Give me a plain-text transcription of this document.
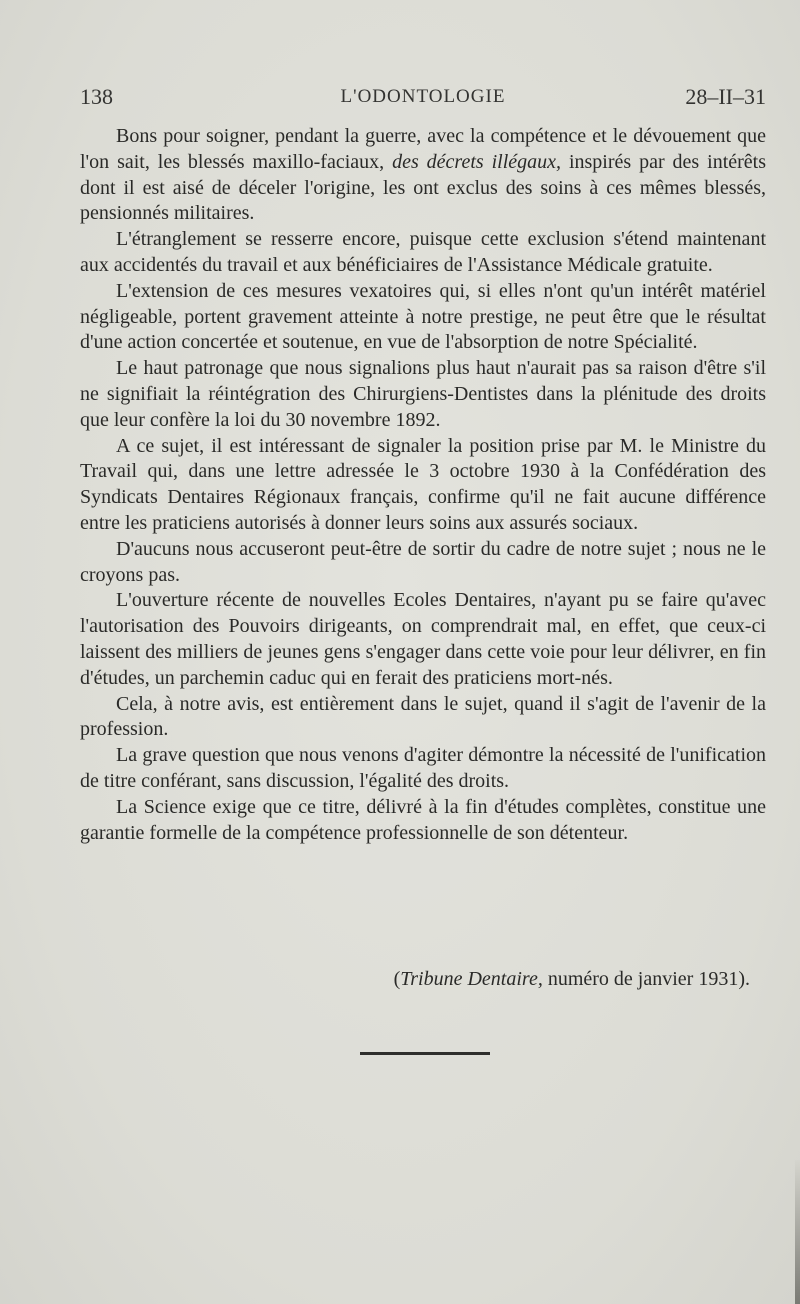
138	L'ODONTOLOGIE	28–II–31

Bons pour soigner, pendant la guerre, avec la compétence et le dévouement que l'on sait, les blessés maxillo-faciaux, des décrets illégaux, inspirés par des intérêts dont il est aisé de déceler l'origine, les ont exclus des soins à ces mêmes blessés, pensionnés militaires.

L'étranglement se resserre encore, puisque cette exclusion s'étend maintenant aux accidentés du travail et aux bénéficiaires de l'Assistance Médicale gratuite.

L'extension de ces mesures vexatoires qui, si elles n'ont qu'un intérêt matériel négligeable, portent gravement atteinte à notre prestige, ne peut être que le résultat d'une action concertée et soutenue, en vue de l'absorption de notre Spécialité.

Le haut patronage que nous signalions plus haut n'aurait pas sa raison d'être s'il ne signifiait la réintégration des Chirurgiens-Dentistes dans la plénitude des droits que leur confère la loi du 30 novembre 1892.

A ce sujet, il est intéressant de signaler la position prise par M. le Ministre du Travail qui, dans une lettre adressée le 3 octobre 1930 à la Confédération des Syndicats Dentaires Régionaux français, confirme qu'il ne fait aucune différence entre les praticiens autorisés à donner leurs soins aux assurés sociaux.

D'aucuns nous accuseront peut-être de sortir du cadre de notre sujet ; nous ne le croyons pas.

L'ouverture récente de nouvelles Ecoles Dentaires, n'ayant pu se faire qu'avec l'autorisation des Pouvoirs dirigeants, on comprendrait mal, en effet, que ceux-ci laissent des milliers de jeunes gens s'engager dans cette voie pour leur délivrer, en fin d'études, un parchemin caduc qui en ferait des praticiens mort-nés.

Cela, à notre avis, est entièrement dans le sujet, quand il s'agit de l'avenir de la profession.

La grave question que nous venons d'agiter démontre la nécessité de l'unification de titre conférant, sans discussion, l'égalité des droits.

La Science exige que ce titre, délivré à la fin d'études complètes, constitue une garantie formelle de la compétence professionnelle de son détenteur.

(Tribune Dentaire, numéro de janvier 1931).
